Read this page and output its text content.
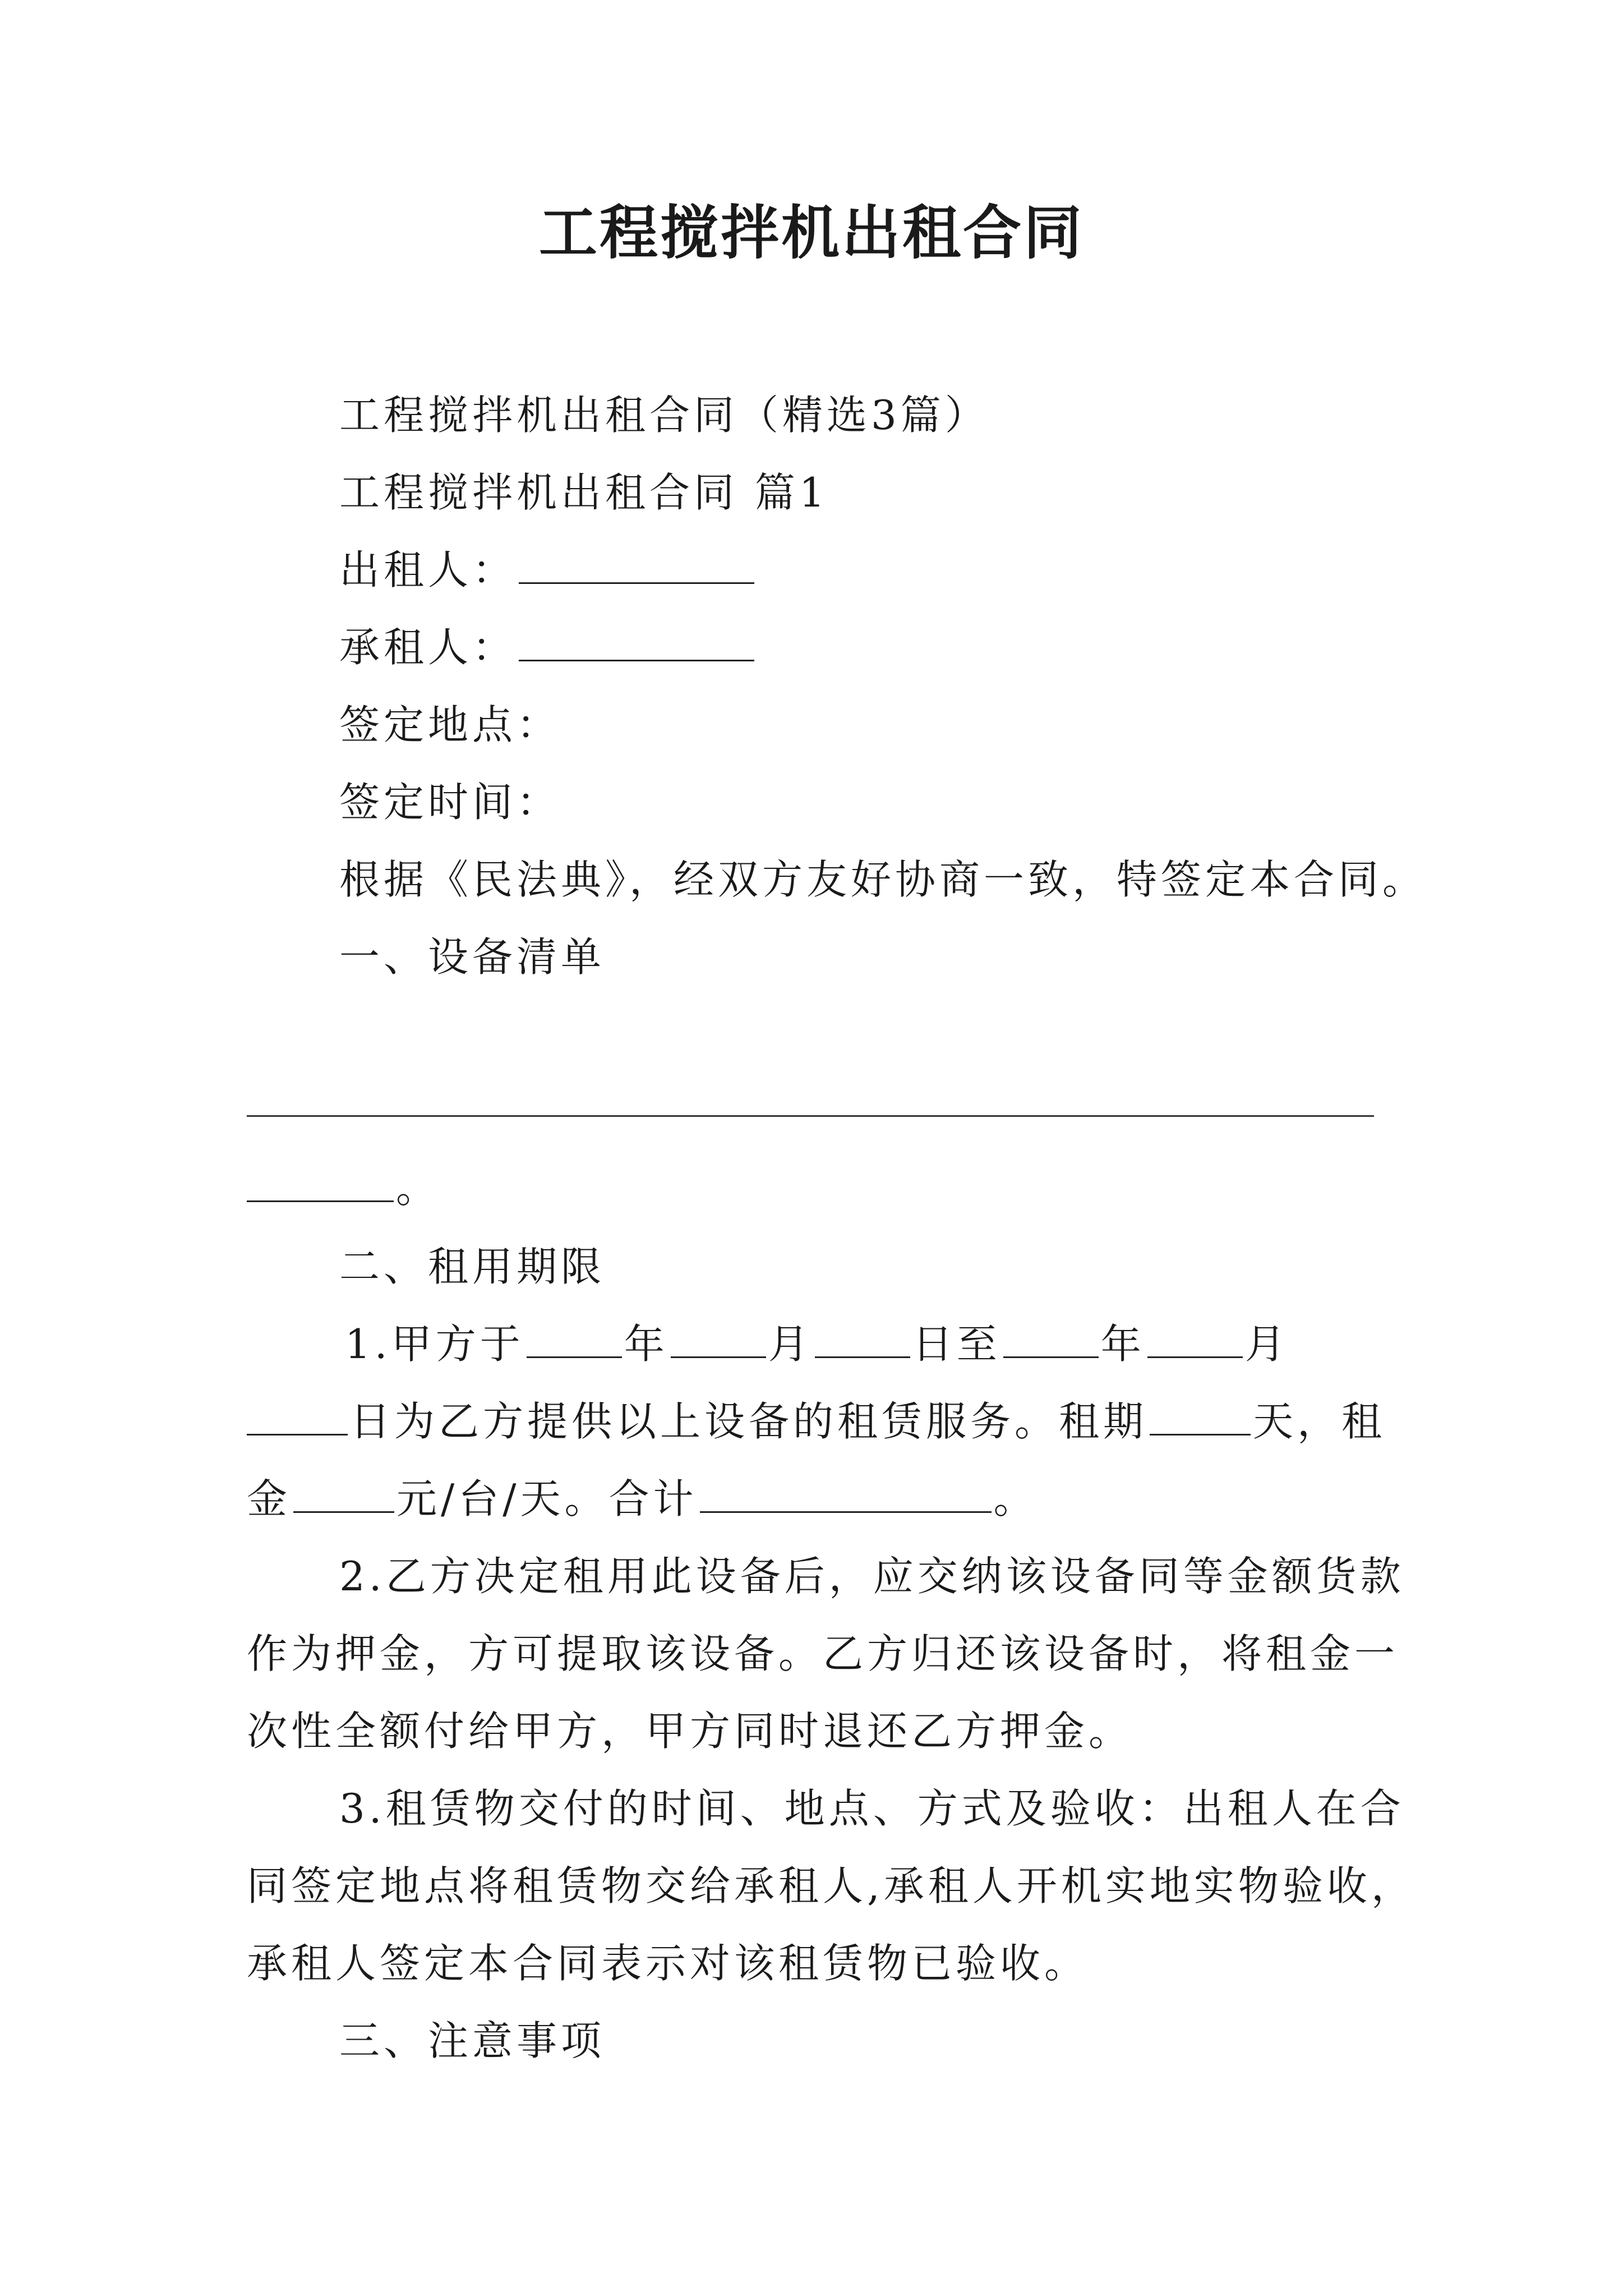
工程搅拌机出租合同

工程搅拌机出租合同（精选3篇）

工程搅拌机出租合同 篇1

出租人：

承租人：

签定地点：

签定时间：

根据《民法典》，经双方友好协商一致，特签定本合同。

一、设备清单

。

二、租用期限

1.甲方于 年 月 日至 年 月

日为乙方提供以上设备的租赁服务。租期	天，租

金	元/台/天。合计	。

2.乙方决定租用此设备后，应交纳该设备同等金额货款

作为押金，方可提取该设备。乙方归还该设备时，将租金一

次性全额付给甲方，甲方同时退还乙方押金。

3.租赁物交付的时间、地点、方式及验收：出租人在合

同签定地点将租赁物交给承租人,承租人开机实地实物验收，

承租人签定本合同表示对该租赁物已验收。

三、注意事项
